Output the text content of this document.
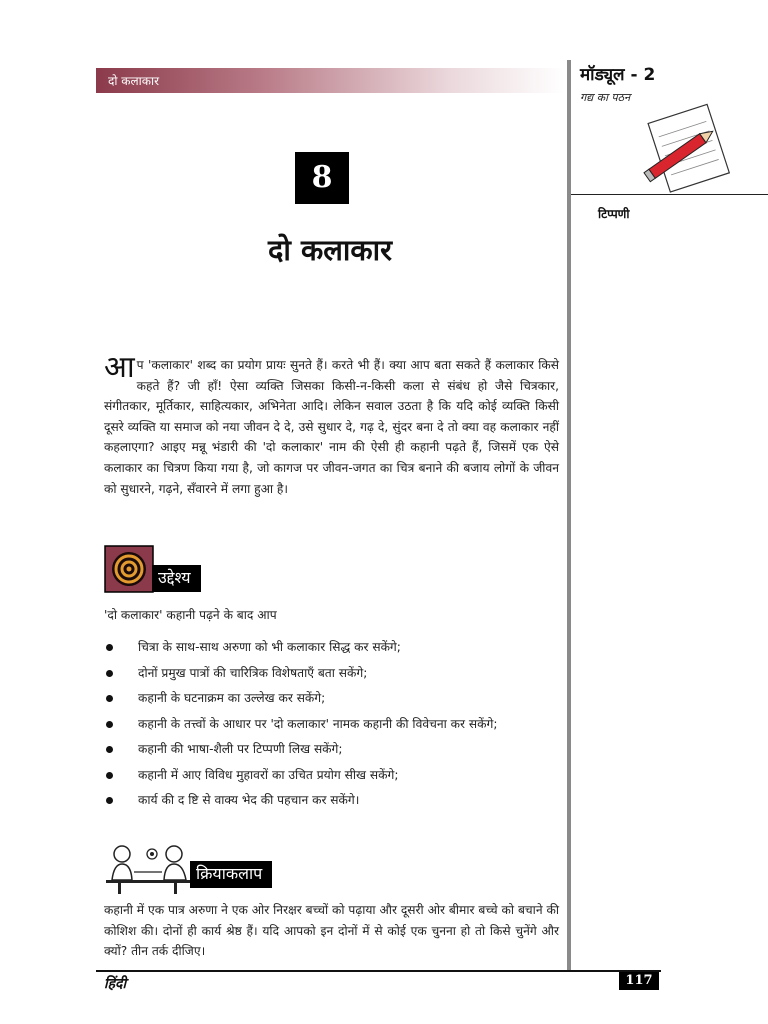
दो कलाकार	मॉड्यूल - 2
गद्य का पठन
टिप्पणी
8
दो कलाकार
आप 'कलाकार' शब्द का प्रयोग प्रायः सुनते हैं। करते भी हैं। क्या आप बता सकते हैं कलाकार किसे कहते हैं? जी हाँ! ऐसा व्यक्ति जिसका किसी-न-किसी कला से संबंध हो जैसे चित्रकार, संगीतकार, मूर्तिकार, साहित्यकार, अभिनेता आदि। लेकिन सवाल उठता है कि यदि कोई व्यक्ति किसी दूसरे व्यक्ति या समाज को नया जीवन दे दे, उसे सुधार दे, गढ़ दे, सुंदर बना दे तो क्या वह कलाकार नहीं कहलाएगा? आइए मन्नू भंडारी की 'दो कलाकार' नाम की ऐसी ही कहानी पढ़ते हैं, जिसमें एक ऐसे कलाकार का चित्रण किया गया है, जो कागज पर जीवन-जगत का चित्र बनाने की बजाय लोगों के जीवन को सुधारने, गढ़ने, सँवारने में लगा हुआ है।
उद्देश्य
'दो कलाकार' कहानी पढ़ने के बाद आप
चित्रा के साथ-साथ अरुणा को भी कलाकार सिद्ध कर सकेंगे;
दोनों प्रमुख पात्रों की चारित्रिक विशेषताएँ बता सकेंगे;
कहानी के घटनाक्रम का उल्लेख कर सकेंगे;
कहानी के तत्त्वों के आधार पर 'दो कलाकार' नामक कहानी की विवेचना कर सकेंगे;
कहानी की भाषा-शैली पर टिप्पणी लिख सकेंगे;
कहानी में आए विविध मुहावरों का उचित प्रयोग सीख सकेंगे;
कार्य की द ष्टि से वाक्य भेद की पहचान कर सकेंगे।
क्रियाकलाप
कहानी में एक पात्र अरुणा ने एक ओर निरक्षर बच्चों को पढ़ाया और दूसरी ओर बीमार बच्चे को बचाने की कोशिश की। दोनों ही कार्य श्रेष्ठ हैं। यदि आपको इन दोनों में से कोई एक चुनना हो तो किसे चुनेंगे और क्यों? तीन तर्क दीजिए।
हिंदी	117
